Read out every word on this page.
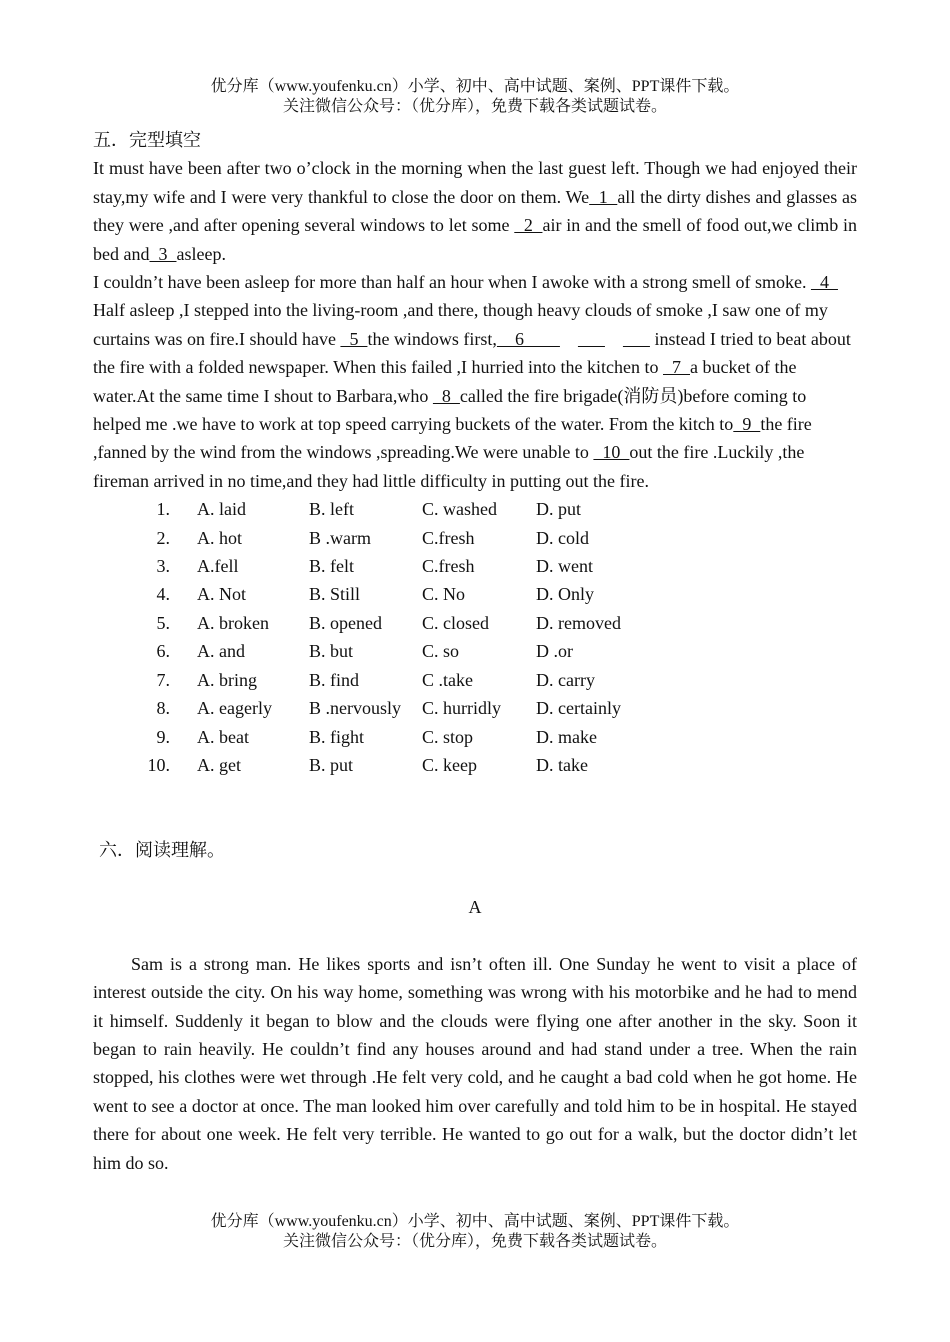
优分库（www.youfenku.cn）小学、初中、高中试题、案例、PPT课件下载。
关注微信公众号：（优分库），免费下载各类试题试卷。
五．完型填空

It must have been after two o’clock in the morning when the last guest left. Though we had enjoyed their stay,my wife and I were very thankful to close the door on them. We  1  all the dirty dishes and glasses as they were ,and after opening several windows to let some   2  air in and the smell of food out,we climb in bed and  3  asleep.

I couldn’t have been asleep for more than half an hour when I awoke with a strong smell of smoke.   4   Half asleep ,I stepped into the living-room ,and there, though heavy clouds of smoke ,I saw one of my curtains was on fire.I should have   5  the windows first,    6	instead I tried to beat about the fire with a folded newspaper. When this failed ,I hurried into the kitchen to   7  a bucket of the water.At the same time I shout to Barbara,who   8  called the fire brigade(消防员)before coming to helped me .we have to work at top speed carrying buckets of the water. From the kitch to  9  the fire ,fanned by the wind from the windows ,spreading.We were unable to   10  out the fire .Luckily ,the fireman arrived in no time,and they had little difficulty in putting out the fire.

1.	A. laid	B. left	C. washed	D. put
2.	A. hot	B .warm	C.fresh	D. cold
3.	A.fell	B. felt	C.fresh	D. went
4.	A. Not	B. Still	C. No	D. Only
5.	A. broken	B. opened	C. closed	D. removed
6.	A. and	B. but	C. so	D .or
7.	A. bring	B. find	C .take	D. carry
8.	A. eagerly	B .nervously	C. hurridly	D. certainly
9.	A. beat	B. fight	C. stop	D. make
10.	A. get	B. put	C. keep	D. take
六．阅读理解。
A

Sam is a strong man. He likes sports and isn’t often ill. One Sunday he went to visit a place of interest outside the city. On his way home, something was wrong with his motorbike and he had to mend it himself. Suddenly it began to blow and the clouds were flying one after another in the sky. Soon it began to rain heavily. He couldn’t find any houses around and had stand under a tree. When the rain stopped, his clothes were wet through .He felt very cold, and he caught a bad cold when he got home. He went to see a doctor at once. The man looked him over carefully and told him to be in hospital. He stayed there for about one week. He felt very terrible. He wanted to go out for a walk, but the doctor didn’t let him do so.

优分库（www.youfenku.cn）小学、初中、高中试题、案例、PPT课件下载。
关注微信公众号：（优分库），免费下载各类试题试卷。
